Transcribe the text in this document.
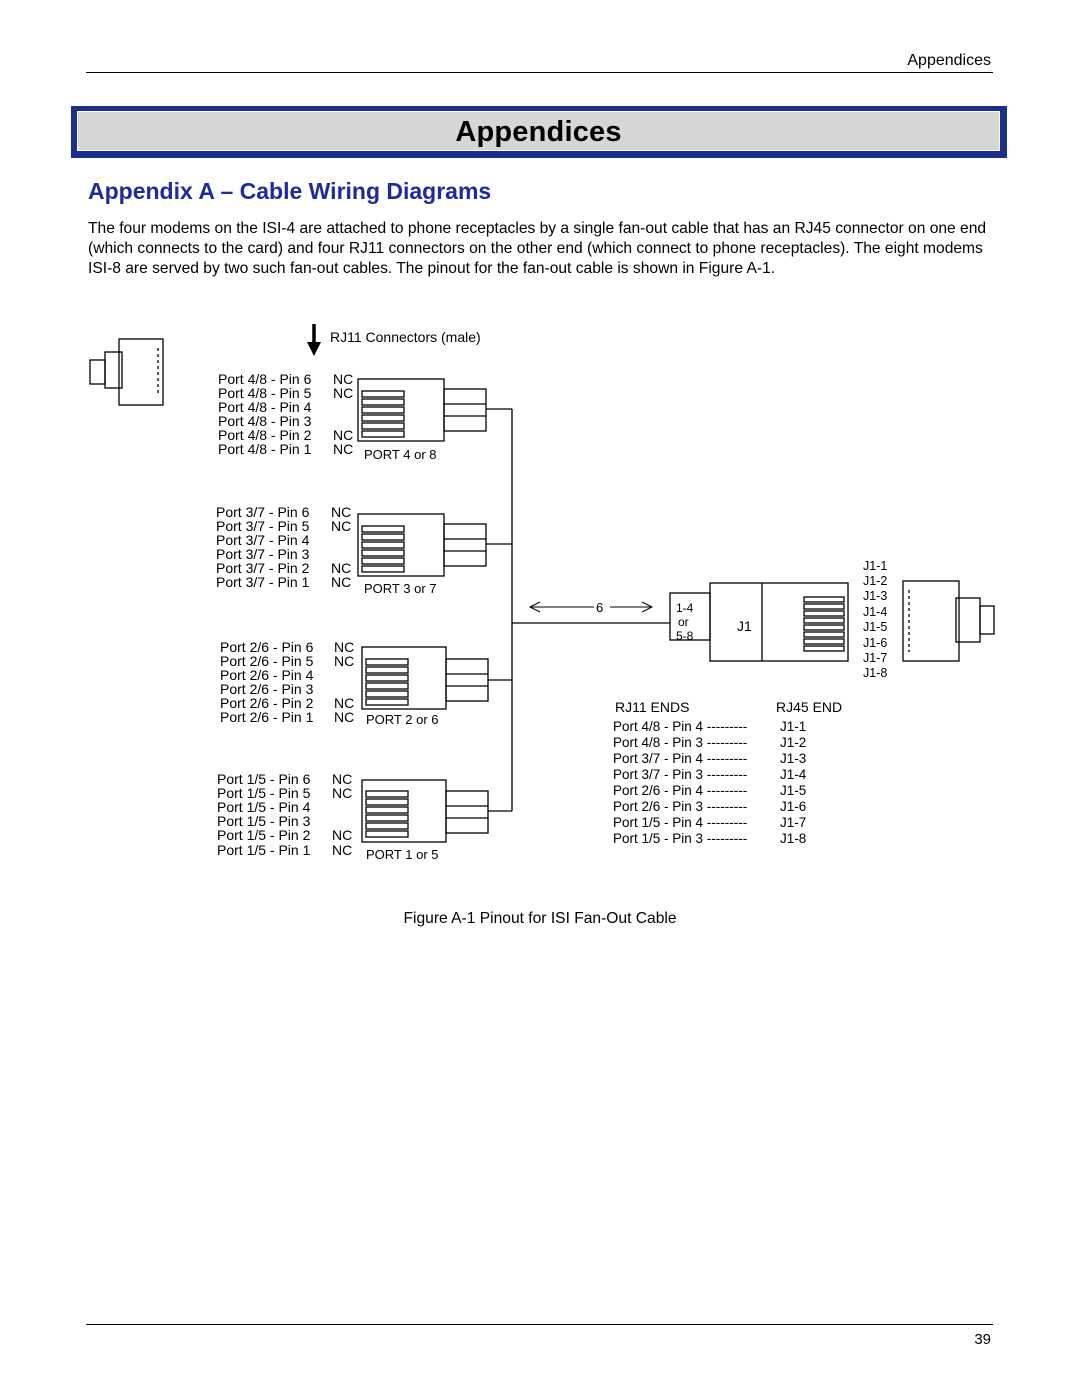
Appendices
Appendices
Appendix A – Cable Wiring Diagrams
The four modems on the ISI-4 are attached to phone receptacles by a single fan-out cable that has an RJ45 connector on one end (which connects to the card) and four RJ11 connectors on the other end (which connect to phone receptacles). The eight modems ISI-8 are served by two such fan-out cables. The pinout for the fan-out cable is shown in Figure A-1.
RJ11 Connectors (male)
Port 4/8 - Pin 6
Port 4/8 - Pin 5
Port 4/8 - Pin 4
Port 4/8 - Pin 3
Port 4/8 - Pin 2
Port 4/8 - Pin 1
NC
NC
NC
NC PORT 4 or 8
Port 3/7 - Pin 6
Port 3/7 - Pin 5
Port 3/7 - Pin 4
Port 3/7 - Pin 3
Port 3/7 - Pin 2
Port 3/7 - Pin 1
NC
NC
NC
NC PORT 3 or 7
Port 2/6 - Pin 6
Port 2/6 - Pin 5
Port 2/6 - Pin 4
Port 2/6 - Pin 3
Port 2/6 - Pin 2
Port 2/6 - Pin 1
NC
NC
NC
NC PORT 2 or 6
Port 1/5 - Pin 6
Port 1/5 - Pin 5
Port 1/5 - Pin 4
Port 1/5 - Pin 3
Port 1/5 - Pin 2
Port 1/5 - Pin 1
NC
NC
NC
NC PORT 1 or 5
6	1-4
or
5-8
J1
J1-1
J1-2
J1-3
J1-4
J1-5
J1-6
J1-7
J1-8
RJ11 ENDS	RJ45 END
Port 4/8 - Pin 4 --------- J1-1
Port 4/8 - Pin 3 --------- J1-2
Port 3/7 - Pin 4 --------- J1-3
Port 3/7 - Pin 3 --------- J1-4
Port 2/6 - Pin 4 --------- J1-5
Port 2/6 - Pin 3 --------- J1-6
Port 1/5 - Pin 4 --------- J1-7
Port 1/5 - Pin 3 --------- J1-8
Figure A-1 Pinout for ISI Fan-Out Cable
39
